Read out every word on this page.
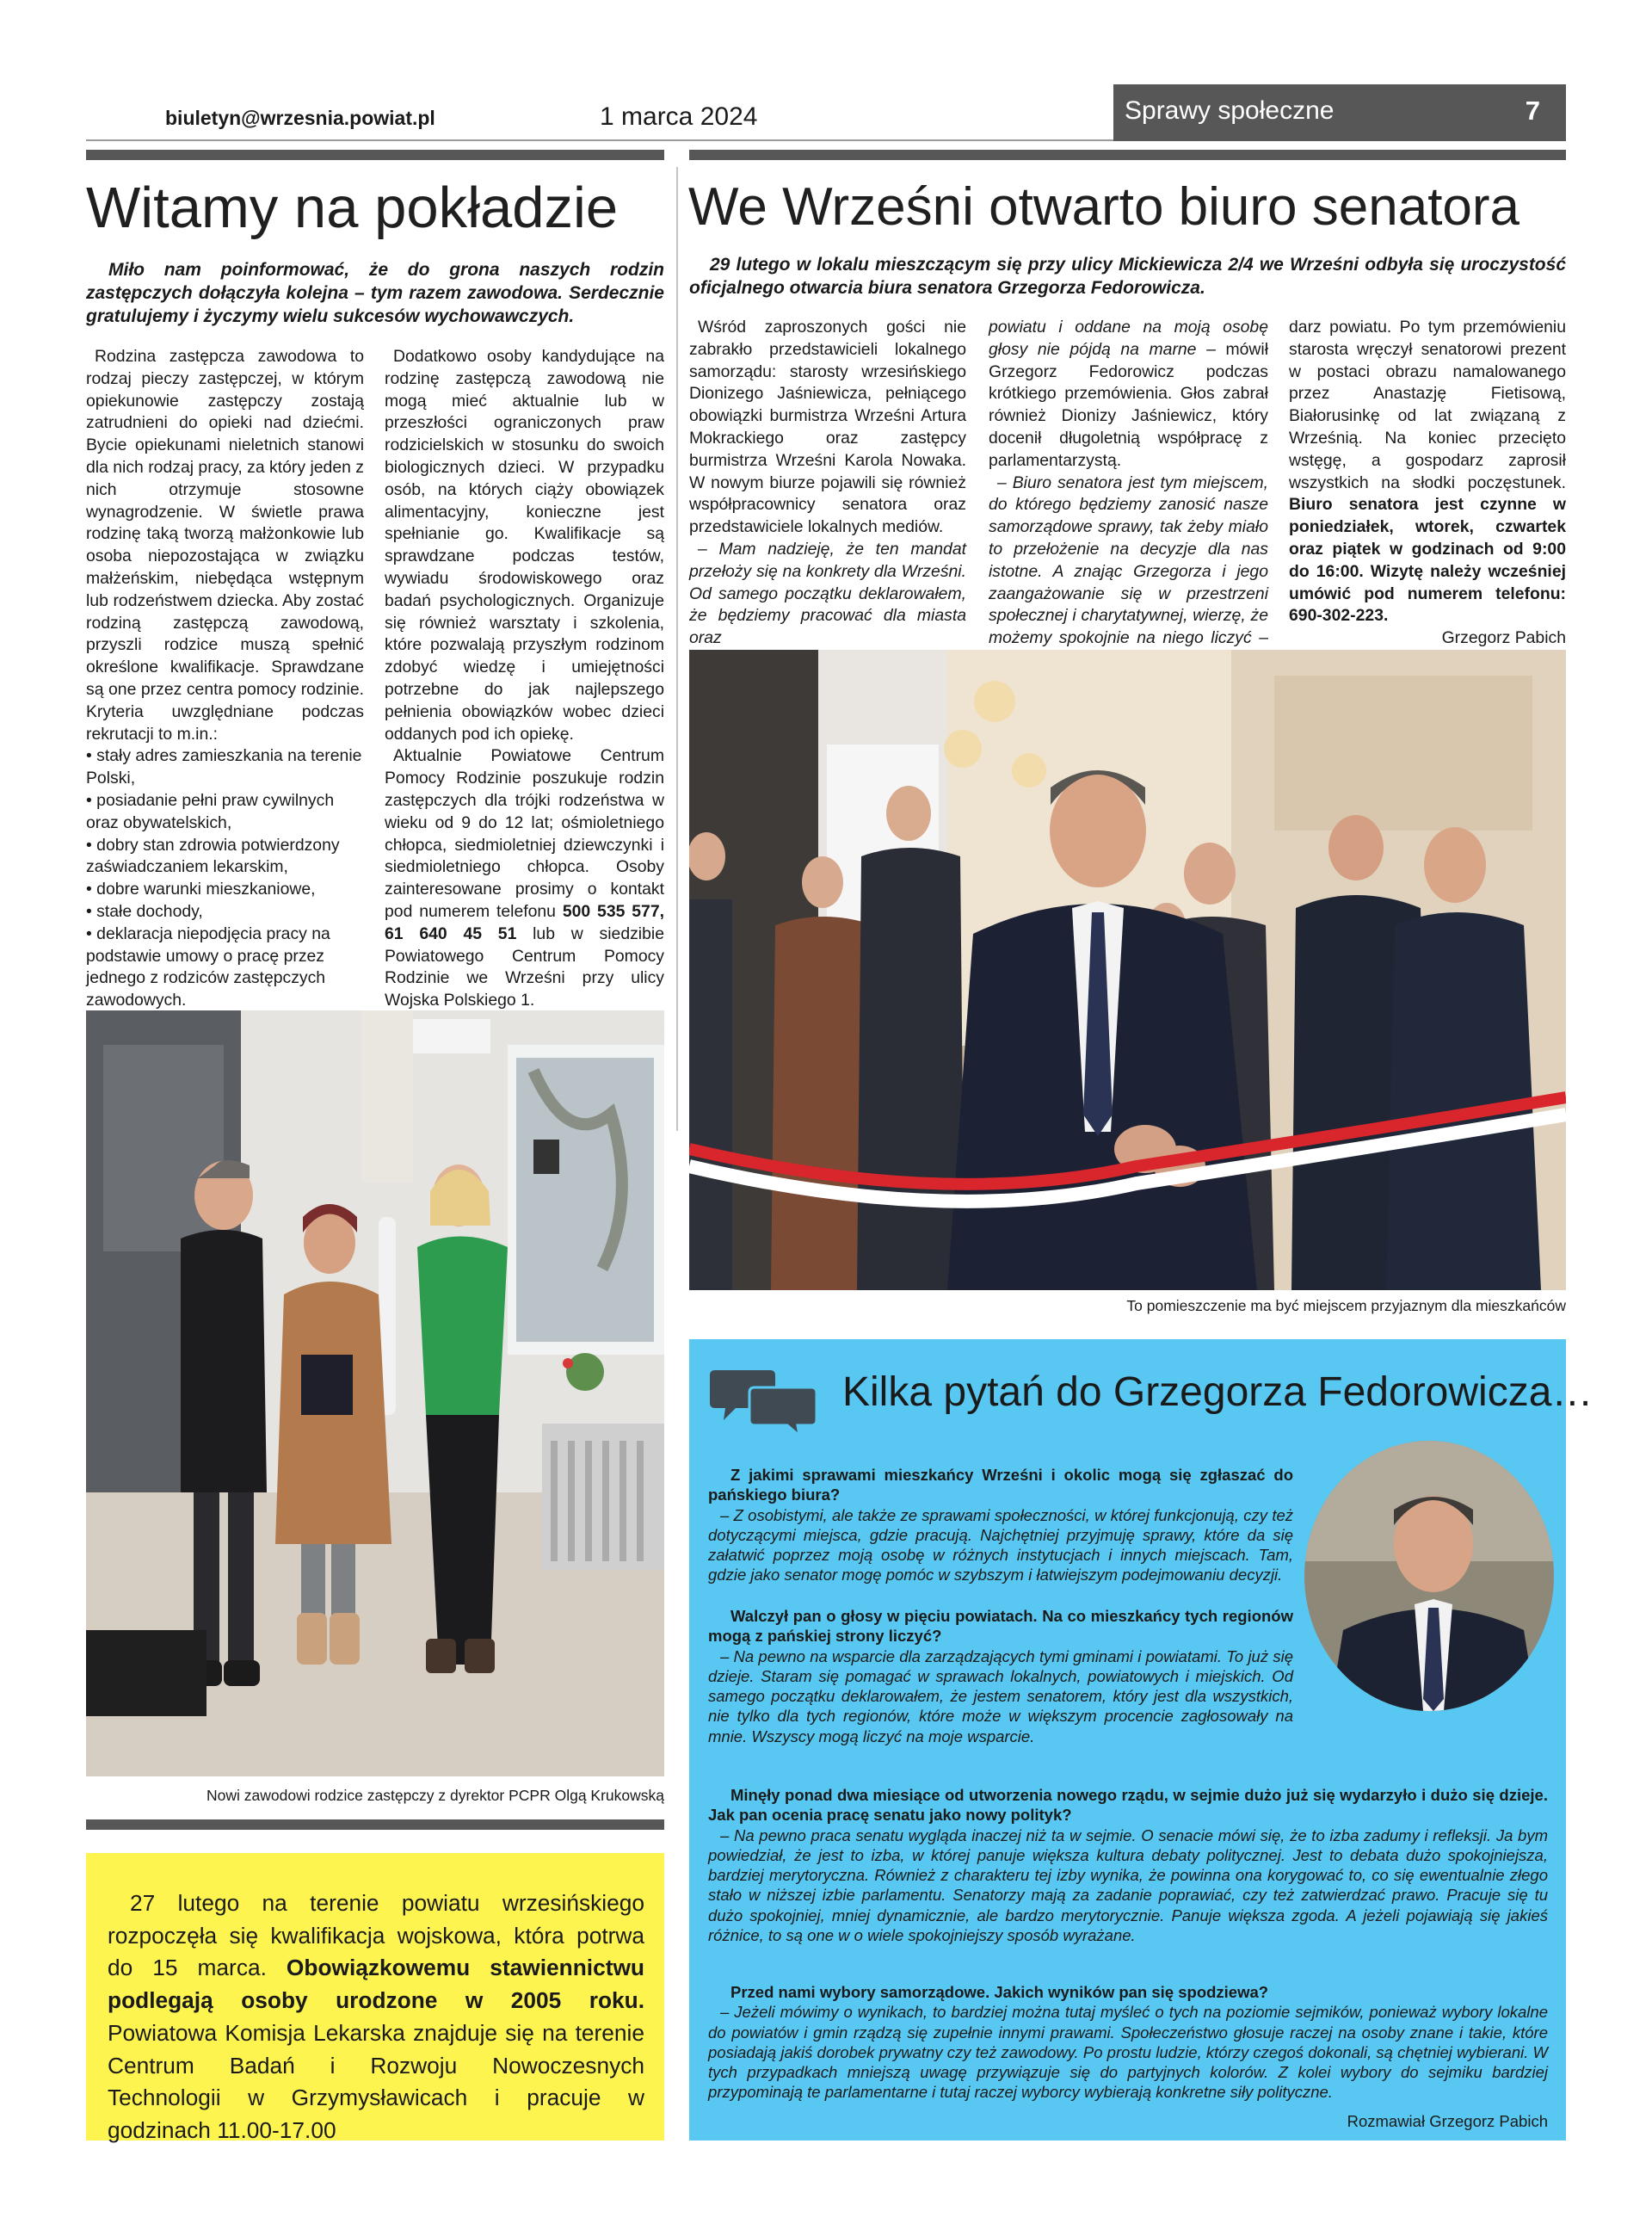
biuletyn@wrzesnia.powiat.pl	1 marca 2024	Sprawy społeczne	7
Witamy na pokładzie
Miło nam poinformować, że do grona naszych rodzin zastępczych dołączyła kolejna – tym razem zawodowa. Serdecznie gratulujemy i życzymy wielu sukcesów wychowawczych.

Rodzina zastępcza zawodowa to rodzaj pieczy zastępczej, w którym opiekunowie zastępczy zostają zatrudnieni do opieki nad dziećmi. Bycie opiekunami nieletnich stanowi dla nich rodzaj pracy, za który jeden z nich otrzymuje stosowne wynagrodzenie. W świetle prawa rodzinę taką tworzą małżonkowie lub osoba niepozostająca w związku małżeńskim, niebędąca wstępnym lub rodzeństwem dziecka. Aby zostać rodziną zastępczą zawodową, przyszli rodzice muszą spełnić określone kwalifikacje. Sprawdzane są one przez centra pomocy rodzinie. Kryteria uwzględniane podczas rekrutacji to m.in.:

• stały adres zamieszkania na terenie Polski,

• posiadanie pełni praw cywilnych oraz obywatelskich,

• dobry stan zdrowia potwierdzony zaświadczaniem lekarskim,

• dobre warunki mieszkaniowe,

• stałe dochody,

• deklaracja niepodjęcia pracy na podstawie umowy o pracę przez jednego z rodziców zastępczych zawodowych.

Dodatkowo osoby kandydujące na rodzinę zastępczą zawodową nie mogą mieć aktualnie lub w przeszłości ograniczonych praw rodzicielskich w stosunku do swoich biologicznych dzieci. W przypadku osób, na których ciąży obowiązek alimentacyjny, konieczne jest spełnianie go. Kwalifikacje są sprawdzane podczas testów, wywiadu środowiskowego oraz badań psychologicznych. Organizuje się również warsztaty i szkolenia, które pozwalają przyszłym rodzinom zdobyć wiedzę i umiejętności potrzebne do jak najlepszego pełnienia obowiązków wobec dzieci oddanych pod ich opiekę.

Aktualnie Powiatowe Centrum Pomocy Rodzinie poszukuje rodzin zastępczych dla trójki rodzeństwa w wieku od 9 do 12 lat; ośmioletniego chłopca, siedmioletniej dziewczynki i siedmioletniego chłopca. Osoby zainteresowane prosimy o kontakt pod numerem telefonu 500 535 577, 61 640 45 51 lub w siedzibie Powiatowego Centrum Pomocy Rodzinie we Wrześni przy ulicy Wojska Polskiego 1.

Nowi zawodowi rodzice zastępczy z dyrektor PCPR Olgą Krukowską
27 lutego na terenie powiatu wrzesińskiego rozpoczęła się kwalifikacja wojskowa, która potrwa do 15 marca. Obowiązkowemu stawiennictwu podlegają osoby urodzone w 2005 roku. Powiatowa Komisja Lekarska znajduje się na terenie Centrum Badań i Rozwoju Nowoczesnych Technologii w Grzymysławicach i pracuje w godzinach 11.00-17.00
We Wrześni otwarto biuro senatora
29 lutego w lokalu mieszczącym się przy ulicy Mickiewicza 2/4 we Wrześni odbyła się uroczystość oficjalnego otwarcia biura senatora Grzegorza Fedorowicza.

Wśród zaproszonych gości nie zabrakło przedstawicieli lokalnego samorządu: starosty wrzesińskiego Dionizego Jaśniewicza, pełniącego obowiązki burmistrza Wrześni Artura Mokrackiego oraz zastępcy burmistrza Wrześni Karola Nowaka. W nowym biurze pojawili się również współpracownicy senatora oraz przedstawiciele lokalnych mediów.

– Mam nadzieję, że ten mandat przełoży się na konkrety dla Wrześni. Od samego początku deklarowałem, że będziemy pracować dla miasta oraz

powiatu i oddane na moją osobę głosy nie pójdą na marne – mówił Grzegorz Fedorowicz podczas krótkiego przemówienia. Głos zabrał również Dionizy Jaśniewicz, który docenił długoletnią współpracę z parlamentarzystą.

– Biuro senatora jest tym miejscem, do którego będziemy zanosić nasze samorządowe sprawy, tak żeby miało to przełożenie na decyzje dla nas istotne. A znając Grzegorza i jego zaangażowanie się w przestrzeni społecznej i charytatywnej, wierzę, że możemy spokojnie na niego liczyć –

darz powiatu. Po tym przemówieniu starosta wręczył senatorowi prezent w postaci obrazu namalowanego przez Anastazję Fietisową, Białorusinkę od lat związaną z Wrześnią. Na koniec przecięto wstęgę, a gospodarz zaprosił wszystkich na słodki poczęstunek. Biuro senatora jest czynne w poniedziałek, wtorek, czwartek oraz piątek w godzinach od 9:00 do 16:00. Wizytę należy wcześniej umówić pod numerem telefonu: 690-302-223.

Grzegorz Pabich

To pomieszczenie ma być miejscem przyjaznym dla mieszkańców
Kilka pytań do Grzegorza Fedorowicza…
Z jakimi sprawami mieszkańcy Wrześni i okolic mogą się zgłaszać do pańskiego biura?
– Z osobistymi, ale także ze sprawami społeczności, w której funkcjonują, czy też dotyczącymi miejsca, gdzie pracują. Najchętniej przyjmuję sprawy, które da się załatwić poprzez moją osobę w różnych instytucjach i innych miejscach. Tam, gdzie jako senator mogę pomóc w szybszym i łatwiejszym podejmowaniu decyzji.
Walczył pan o głosy w pięciu powiatach. Na co mieszkańcy tych regionów mogą z pańskiej strony liczyć?
– Na pewno na wsparcie dla zarządzających tymi gminami i powiatami. To już się dzieje. Staram się pomagać w sprawach lokalnych, powiatowych i miejskich. Od samego początku deklarowałem, że jestem senatorem, który jest dla wszystkich, nie tylko dla tych regionów, które może w większym procencie zagłosowały na mnie. Wszyscy mogą liczyć na moje wsparcie.
Minęły ponad dwa miesiące od utworzenia nowego rządu, w sejmie dużo już się wydarzyło i dużo się dzieje. Jak pan ocenia pracę senatu jako nowy polityk?
– Na pewno praca senatu wygląda inaczej niż ta w sejmie. O senacie mówi się, że to izba zadumy i refleksji. Ja bym powiedział, że jest to izba, w której panuje większa kultura debaty politycznej. Jest to debata dużo spokojniejsza, bardziej merytoryczna. Również z charakteru tej izby wynika, że powinna ona korygować to, co się ewentualnie złego stało w niższej izbie parlamentu. Senatorzy mają za zadanie poprawiać, czy też zatwierdzać prawo. Pracuje się tu dużo spokojniej, mniej dynamicznie, ale bardzo merytorycznie. Panuje większa zgoda. A jeżeli pojawiają się jakieś różnice, to są one w o wiele spokojniejszy sposób wyrażane.
Przed nami wybory samorządowe. Jakich wyników pan się spodziewa?
– Jeżeli mówimy o wynikach, to bardziej można tutaj myśleć o tych na poziomie sejmików, ponieważ wybory lokalne do powiatów i gmin rządzą się zupełnie innymi prawami. Społeczeństwo głosuje raczej na osoby znane i takie, które posiadają jakiś dorobek prywatny czy też zawodowy. Po prostu ludzie, którzy czegoś dokonali, są chętniej wybierani. W tych przypadkach mniejszą uwagę przywiązuje się do partyjnych kolorów. Z kolei wybory do sejmiku bardziej przypominają te parlamentarne i tutaj raczej wyborcy wybierają konkretne siły polityczne.
Rozmawiał Grzegorz Pabich
